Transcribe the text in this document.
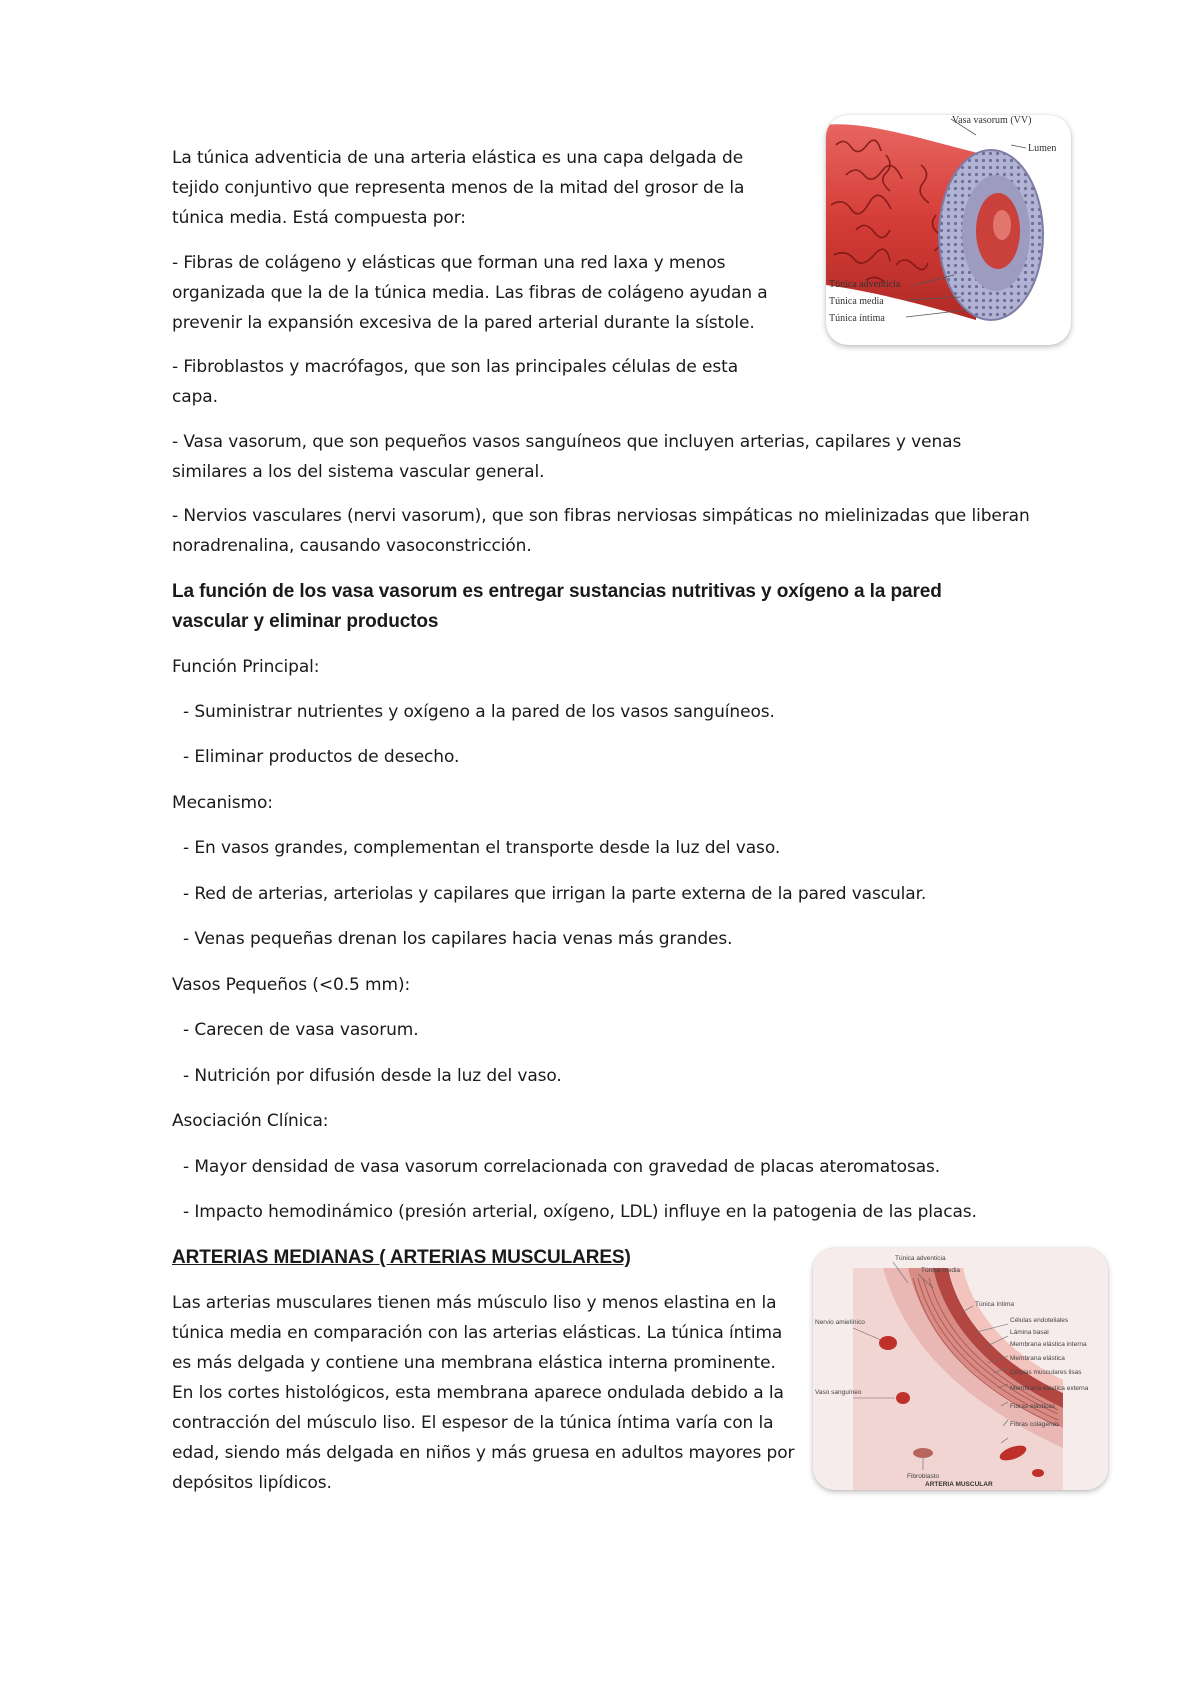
La túnica adventicia de una arteria elástica es una capa delgada de tejido conjuntivo que representa menos de la mitad del grosor de la túnica media. Está compuesta por:

- Fibras de colágeno y elásticas que forman una red laxa y menos organizada que la de la túnica media. Las fibras de colágeno ayudan a prevenir la expansión excesiva de la pared arterial durante la sístole.

- Fibroblastos y macrófagos, que son las principales células de esta capa.

- Vasa vasorum, que son pequeños vasos sanguíneos que incluyen arterias, capilares y venas similares a los del sistema vascular general.

- Nervios vasculares (nervi vasorum), que son fibras nerviosas simpáticas no mielinizadas que liberan noradrenalina, causando vasoconstricción.

La función de los vasa vasorum es entregar sustancias nutritivas y oxígeno a la pared vascular y eliminar productos

Función Principal:

- Suministrar nutrientes y oxígeno a la pared de los vasos sanguíneos.

- Eliminar productos de desecho.

Mecanismo:

- En vasos grandes, complementan el transporte desde la luz del vaso.

- Red de arterias, arteriolas y capilares que irrigan la parte externa de la pared vascular.

- Venas pequeñas drenan los capilares hacia venas más grandes.

Vasos Pequeños (<0.5 mm):

- Carecen de vasa vasorum.

- Nutrición por difusión desde la luz del vaso.

Asociación Clínica:

- Mayor densidad de vasa vasorum correlacionada con gravedad de placas ateromatosas.

- Impacto hemodinámico (presión arterial, oxígeno, LDL) influye en la patogenia de las placas.

ARTERIAS MEDIANAS ( ARTERIAS MUSCULARES)

Las arterias musculares tienen más músculo liso y menos elastina en la túnica media en comparación con las arterias elásticas. La túnica íntima es más delgada y contiene una membrana elástica interna prominente. En los cortes histológicos, esta membrana aparece ondulada debido a la contracción del músculo liso. El espesor de la túnica íntima varía con la edad, siendo más delgada en niños y más gruesa en adultos mayores por depósitos lipídicos.

Vasa vasorum (VV)
Lumen
Túnica adventicia
Túnica media
Túnica íntima
Túnica adventicia
Túnica media
Túnica íntima
Células endoteliales
Lámina basal
Membrana elástica interna
Membrana elástica
Células musculares lisas
Membrana elástica externa
Fibras elásticas
Fibras colágenas
Nervio amielínico
Vaso sanguíneo
Fibroblasto
ARTERIA MUSCULAR
